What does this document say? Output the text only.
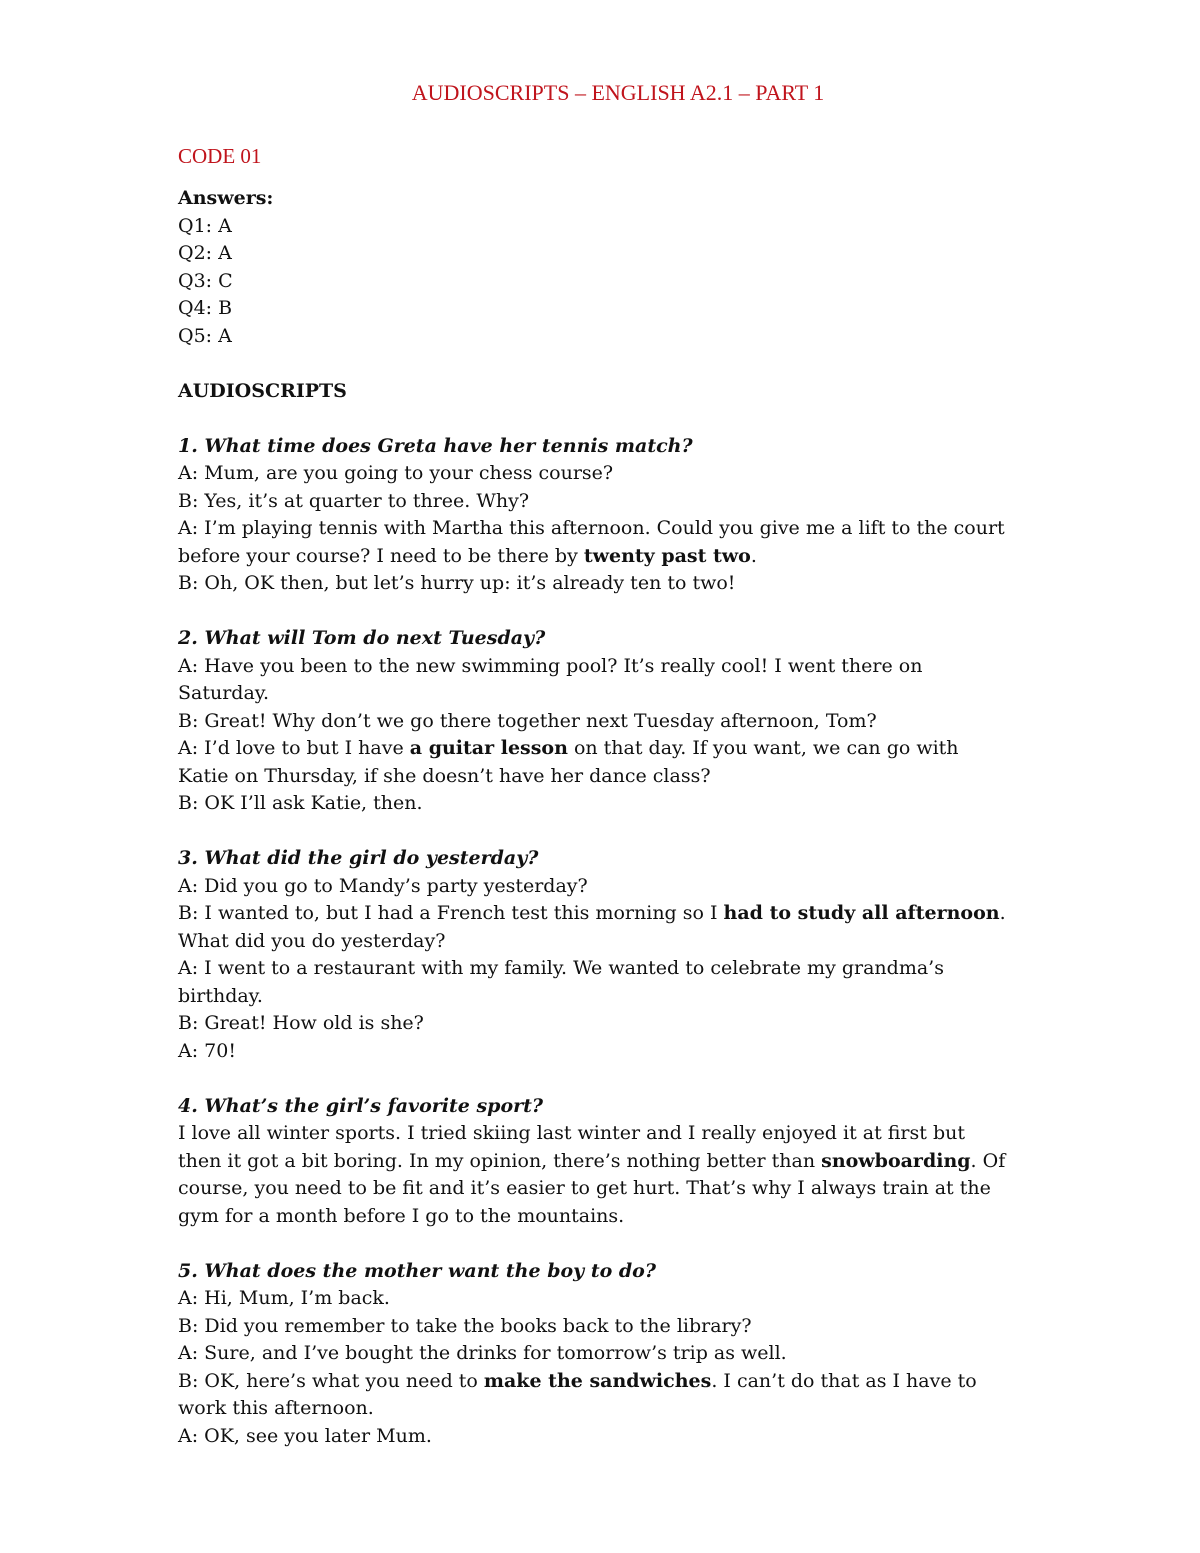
AUDIOSCRIPTS – ENGLISH A2.1 – PART 1
CODE 01

Answers:

Q1: A

Q2: A

Q3: C

Q4: B

Q5: A

AUDIOSCRIPTS

1. What time does Greta have her tennis match?

A: Mum, are you going to your chess course?

B: Yes, it’s at quarter to three. Why?

A: I’m playing tennis with Martha this afternoon. Could you give me a lift to the court

before your course? I need to be there by twenty past two.

B: Oh, OK then, but let’s hurry up: it’s already ten to two!

2. What will Tom do next Tuesday?

A: Have you been to the new swimming pool? It’s really cool! I went there on

Saturday.

B: Great! Why don’t we go there together next Tuesday afternoon, Tom?

A: I’d love to but I have a guitar lesson on that day. If you want, we can go with

Katie on Thursday, if she doesn’t have her dance class?

B: OK I’ll ask Katie, then.

3. What did the girl do yesterday?

A: Did you go to Mandy’s party yesterday?

B: I wanted to, but I had a French test this morning so I had to study all afternoon.

What did you do yesterday?

A: I went to a restaurant with my family. We wanted to celebrate my grandma’s

birthday.

B: Great! How old is she?

A: 70!

4. What’s the girl’s favorite sport?

I love all winter sports. I tried skiing last winter and I really enjoyed it at first but

then it got a bit boring. In my opinion, there’s nothing better than snowboarding. Of

course, you need to be fit and it’s easier to get hurt. That’s why I always train at the

gym for a month before I go to the mountains.

5. What does the mother want the boy to do?

A: Hi, Mum, I’m back.

B: Did you remember to take the books back to the library?

A: Sure, and I’ve bought the drinks for tomorrow’s trip as well.

B: OK, here’s what you need to make the sandwiches. I can’t do that as I have to

work this afternoon.

A: OK, see you later Mum.
